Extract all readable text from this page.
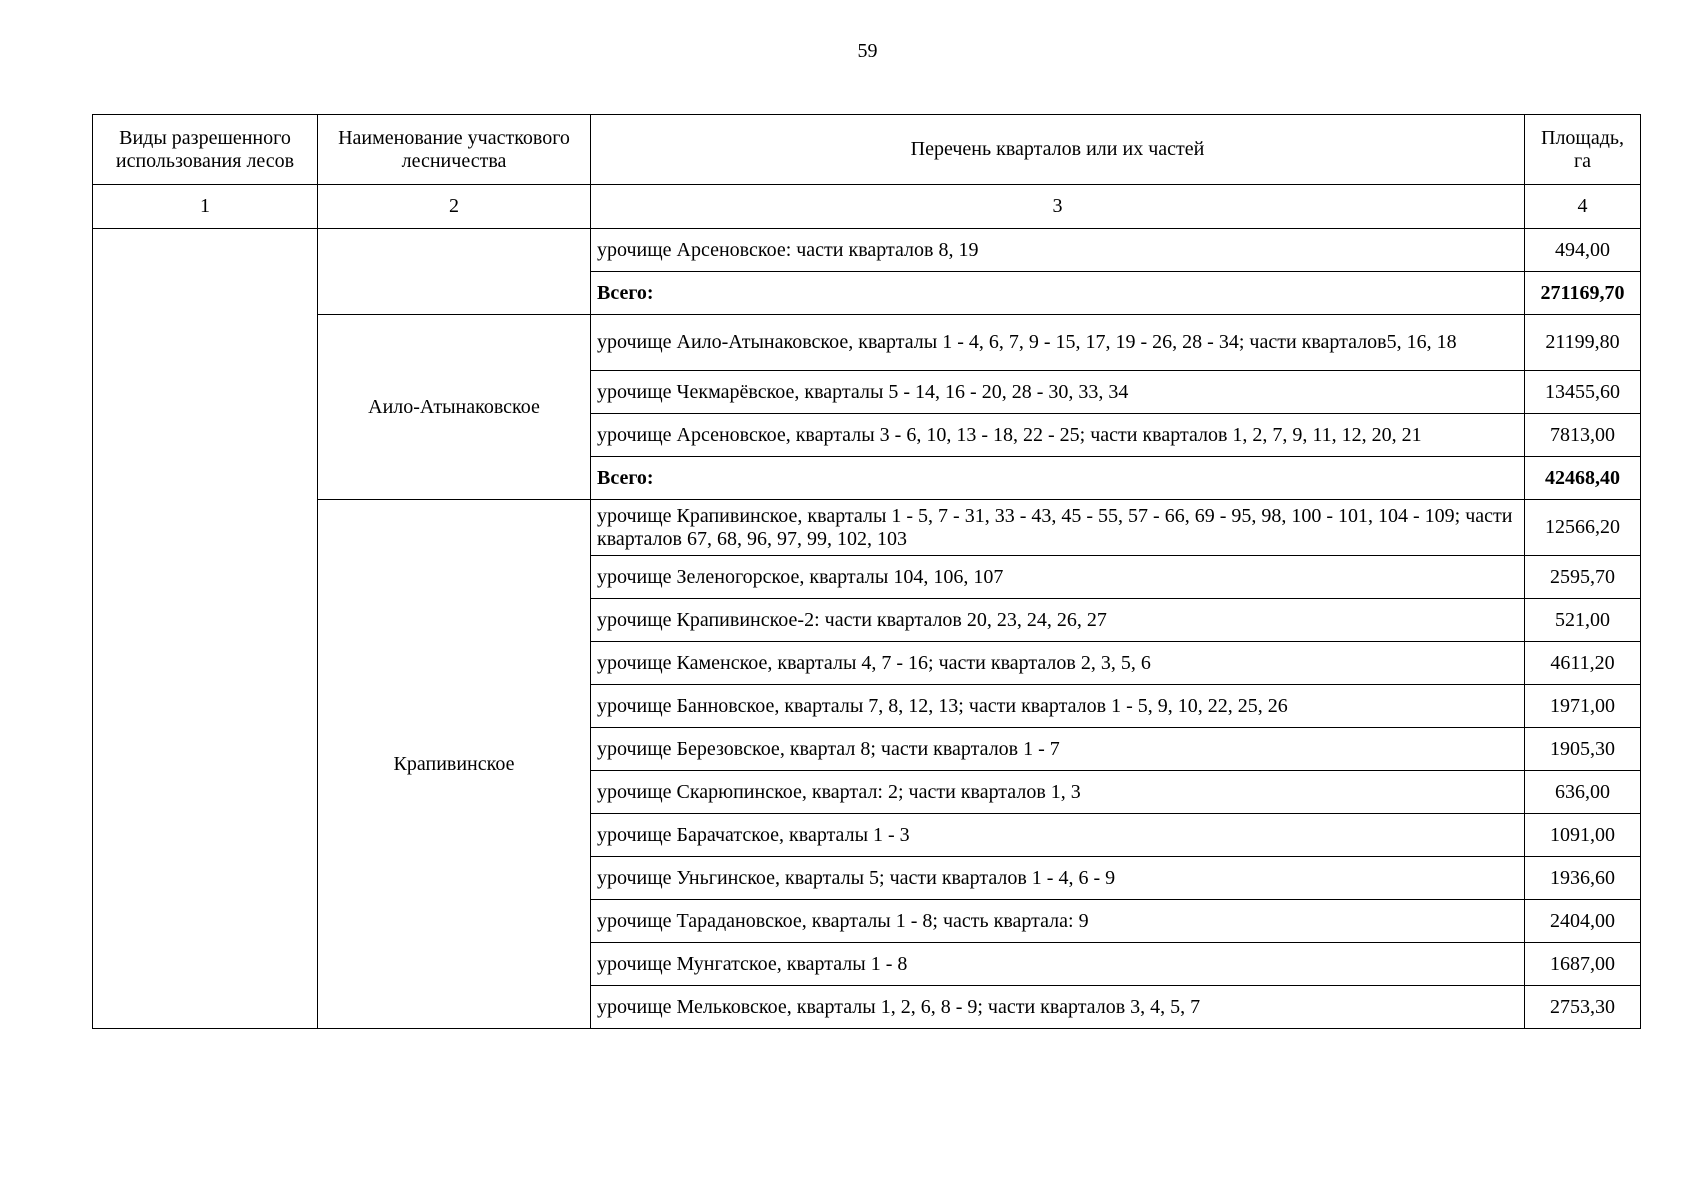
59
Виды разрешенного использования лесов	Наименование участкового лесничества	Перечень кварталов или их частей	Площадь, га
1	2	3	4
		урочище Арсеновское: части кварталов 8, 19	494,00
		Всего:	271169,70
	Аило-Атынаковское	урочище Аило-Атынаковское, кварталы 1 - 4, 6, 7, 9 - 15, 17, 19 - 26, 28 - 34; части кварталов5, 16, 18	21199,80
		урочище Чекмарёвское, кварталы 5 - 14, 16 - 20, 28 - 30, 33, 34	13455,60
		урочище Арсеновское, кварталы 3 - 6, 10, 13 - 18, 22 - 25; части кварталов 1, 2, 7, 9, 11, 12, 20, 21	7813,00
		Всего:	42468,40
	Крапивинское	урочище Крапивинское, кварталы 1 - 5, 7 - 31, 33 - 43, 45 - 55, 57 - 66, 69 - 95, 98, 100 - 101, 104 - 109; части кварталов 67, 68, 96, 97, 99, 102, 103	12566,20
		урочище Зеленогорское, кварталы 104, 106, 107	2595,70
		урочище Крапивинское-2: части кварталов 20, 23, 24, 26, 27	521,00
		урочище Каменское, кварталы 4, 7 - 16; части кварталов 2, 3, 5, 6	4611,20
		урочище Банновское, кварталы 7, 8, 12, 13; части кварталов 1 - 5, 9, 10, 22, 25, 26	1971,00
		урочище Березовское, квартал 8; части кварталов 1 - 7	1905,30
		урочище Скарюпинское, квартал: 2; части кварталов 1, 3	636,00
		урочище Барачатское, кварталы 1 - 3	1091,00
		урочище Уньгинское, кварталы 5; части кварталов 1 - 4, 6 - 9	1936,60
		урочище Тарадановское, кварталы 1 - 8; часть квартала: 9	2404,00
		урочище Мунгатское, кварталы 1 - 8	1687,00
		урочище Мельковское, кварталы 1, 2, 6, 8 - 9; части кварталов 3, 4, 5, 7	2753,30
